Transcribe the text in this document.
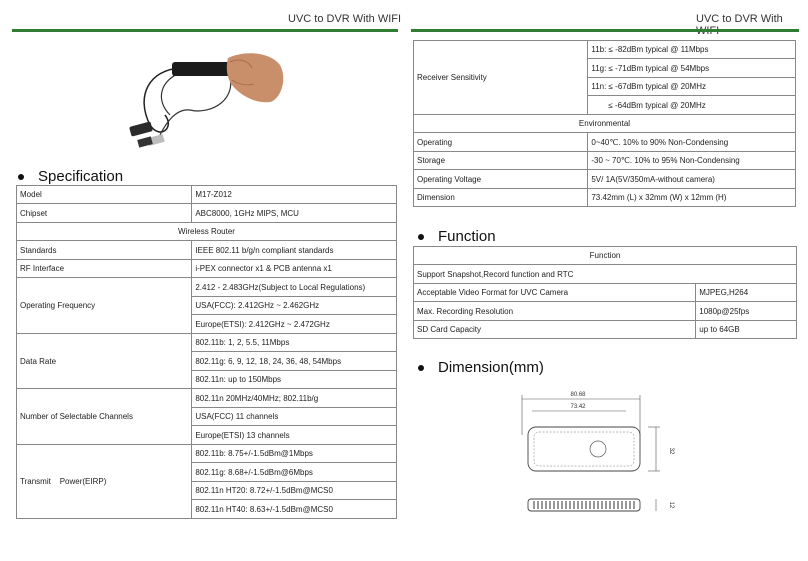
UVC to DVR With WIFI	UVC to DVR With
Specification
Function
Dimension(mm)
Model	M17-Z012
Chipset	ABC8000, 1GHz MIPS, MCU
Wireless Router	
Standards	IEEE 802.11 b/g/n compliant standards
RF Interface	i-PEX connector x1 & PCB antenna x1
Operating Frequency	2.412 - 2.483GHz(Subject to Local Regulations)
	USA(FCC): 2.412GHz ~ 2.462GHz
	Europe(ETSI): 2.412GHz ~ 2.472GHz
Data Rate	802.11b: 1, 2, 5.5, 11Mbps
	802.11g: 6, 9, 12, 18, 24, 36, 48, 54Mbps
	802.11n: up to 150Mbps
Number of Selectable Channels	802.11n 20MHz/40MHz; 802.11b/g
	USA(FCC) 11 channels
	Europe(ETSI) 13 channels
Transmit    Power(EIRP)	802.11b: 8.75+/-1.5dBm@1Mbps
	802.11g: 8.68+/-1.5dBm@6Mbps
	802.11n HT20: 8.72+/-1.5dBm@MCS0
	802.11n HT40: 8.63+/-1.5dBm@MCS0
Receiver Sensitivity	11b: ≤ -82dBm typical @ 11Mbps
	11g: ≤ -71dBm typical @ 54Mbps
	11n: ≤ -67dBm typical @ 20MHz
	≤ -64dBm typical @ 20MHz
Environmental	
Operating	0~40℃. 10% to 90% Non-Condensing
Storage	-30 ~ 70℃. 10% to 95% Non-Condensing
Operating Voltage	5V/ 1A(5V/350mA-without camera)
Dimension	73.42mm (L) x 32mm (W) x 12mm (H)
Function	
Support Snapshot,Record function and RTC	
Acceptable Video Format for UVC Camera	MJPEG,H264
Max. Recording Resolution	1080p@25fps
SD Card Capacity	up to 64GB
80.68
73.42
32
12
